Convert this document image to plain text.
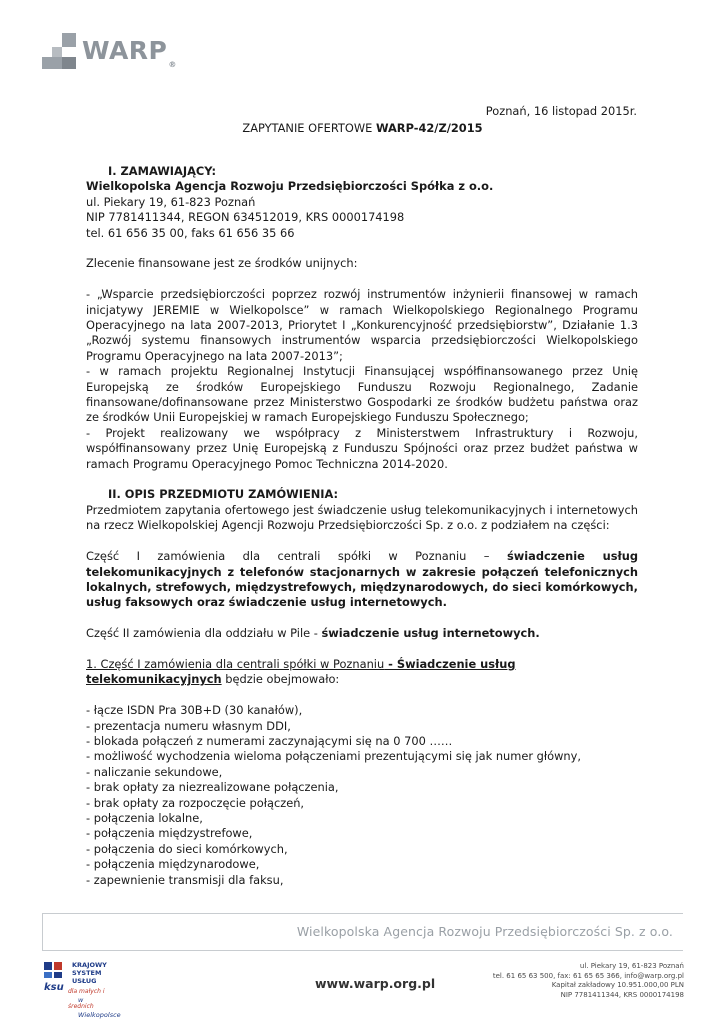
WARP®
Poznań, 16 listopad 2015r.
ZAPYTANIE OFERTOWE WARP-42/Z/2015

I. ZAMAWIAJĄCY:

Wielkopolska Agencja Rozwoju Przedsiębiorczości Spółka z o.o.

ul. Piekary 19, 61-823 Poznań

NIP 7781411344, REGON 634512019, KRS 0000174198

tel. 61 656 35 00, faks 61 656 35 66

Zlecenie finansowane jest ze środków unijnych:

- „Wsparcie przedsiębiorczości poprzez rozwój instrumentów inżynierii finansowej w ramach inicjatywy JEREMIE w Wielkopolsce” w ramach Wielkopolskiego Regionalnego Programu Operacyjnego na lata 2007-2013, Priorytet I „Konkurencyjność przedsiębiorstw”, Działanie 1.3 „Rozwój systemu finansowych instrumentów wsparcia przedsiębiorczości Wielkopolskiego Programu Operacyjnego na lata 2007-2013”;

- w ramach projektu Regionalnej Instytucji Finansującej współfinansowanego przez Unię Europejską ze środków Europejskiego Funduszu Rozwoju Regionalnego, Zadanie finansowane/dofinansowane przez Ministerstwo Gospodarki ze środków budżetu państwa oraz ze środków Unii Europejskiej w ramach Europejskiego Funduszu Społecznego;

- Projekt realizowany we współpracy z Ministerstwem Infrastruktury i Rozwoju, współfinansowany przez Unię Europejską z Funduszu Spójności oraz przez budżet państwa w ramach Programu Operacyjnego Pomoc Techniczna 2014-2020.

II. OPIS PRZEDMIOTU ZAMÓWIENIA:

Przedmiotem zapytania ofertowego jest świadczenie usług telekomunikacyjnych i internetowych na rzecz Wielkopolskiej Agencji Rozwoju Przedsiębiorczości Sp. z o.o. z podziałem na części:

Część I zamówienia dla centrali spółki w Poznaniu – świadczenie usług telekomunikacyjnych z telefonów stacjonarnych w zakresie połączeń telefonicznych lokalnych, strefowych, międzystrefowych, międzynarodowych, do sieci komórkowych, usług faksowych oraz świadczenie usług internetowych.

Część II zamówienia dla oddziału w Pile - świadczenie usług internetowych.

1. Część I zamówienia dla centrali spółki w Poznaniu - Świadczenie usług telekomunikacyjnych będzie obejmowało:

- łącze ISDN Pra 30B+D (30 kanałów),

- prezentacja numeru własnym DDI,

- blokada połączeń z numerami zaczynającymi się na 0 700 ……

- możliwość wychodzenia wieloma połączeniami prezentującymi się jak numer główny,

- naliczanie sekundowe,

- brak opłaty za niezrealizowane połączenia,

- brak opłaty za rozpoczęcie połączeń,

- połączenia lokalne,

- połączenia międzystrefowe,

- połączenia do sieci komórkowych,

- połączenia międzynarodowe,

- zapewnienie transmisji dla faksu,

Wielkopolska Agencja Rozwoju Przedsiębiorczości Sp. z o.o.
KRAJOWY
SYSTEM
USŁUG
ksu dla małych i średnich
w Wielkopolsce
www.warp.org.pl
ul. Piekary 19, 61-823 Poznań
tel. 61 65 63 500, fax: 61 65 65 366, info@warp.org.pl
Kapitał zakładowy 10.951.000,00 PLN
NIP 7781411344, KRS 0000174198
